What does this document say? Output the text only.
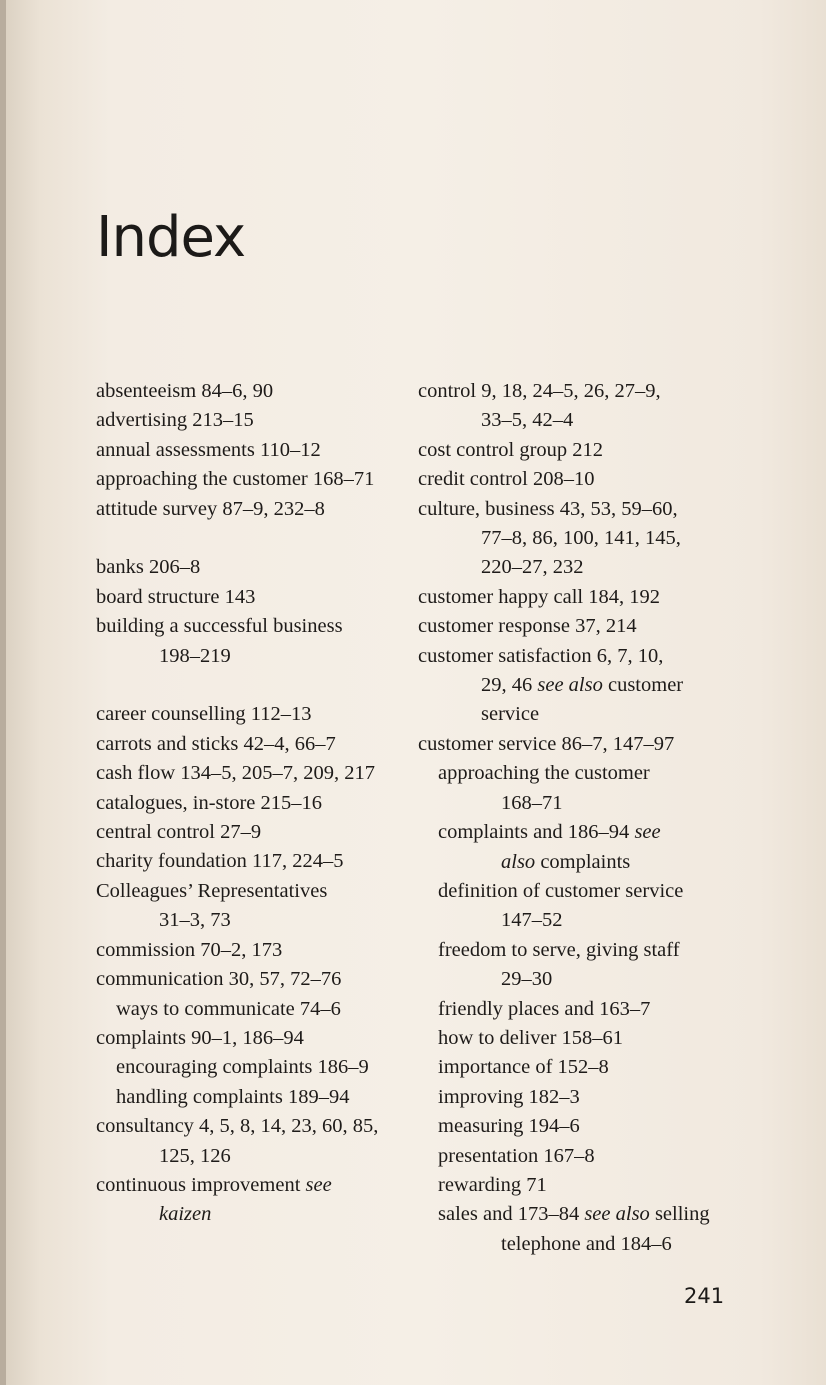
Index
absenteeism 84–6, 90
advertising 213–15
annual assessments 110–12
approaching the customer 168–71
attitude survey 87–9, 232–8
banks 206–8
board structure 143
building a successful business
198–219
career counselling 112–13
carrots and sticks 42–4, 66–7
cash flow 134–5, 205–7, 209, 217
catalogues, in-store 215–16
central control 27–9
charity foundation 117, 224–5
Colleagues’ Representatives
31–3, 73
commission 70–2, 173
communication 30, 57, 72–76
ways to communicate 74–6
complaints 90–1, 186–94
encouraging complaints 186–9
handling complaints 189–94
consultancy 4, 5, 8, 14, 23, 60, 85,
125, 126
continuous improvement see
kaizen
control 9, 18, 24–5, 26, 27–9,
33–5, 42–4
cost control group 212
credit control 208–10
culture, business 43, 53, 59–60,
77–8, 86, 100, 141, 145,
220–27, 232
customer happy call 184, 192
customer response 37, 214
customer satisfaction 6, 7, 10,
29, 46 see also customer
service
customer service 86–7, 147–97
approaching the customer
168–71
complaints and 186–94 see
also complaints
definition of customer service
147–52
freedom to serve, giving staff
29–30
friendly places and 163–7
how to deliver 158–61
importance of 152–8
improving 182–3
measuring 194–6
presentation 167–8
rewarding 71
sales and 173–84 see also selling
telephone and 184–6
241
